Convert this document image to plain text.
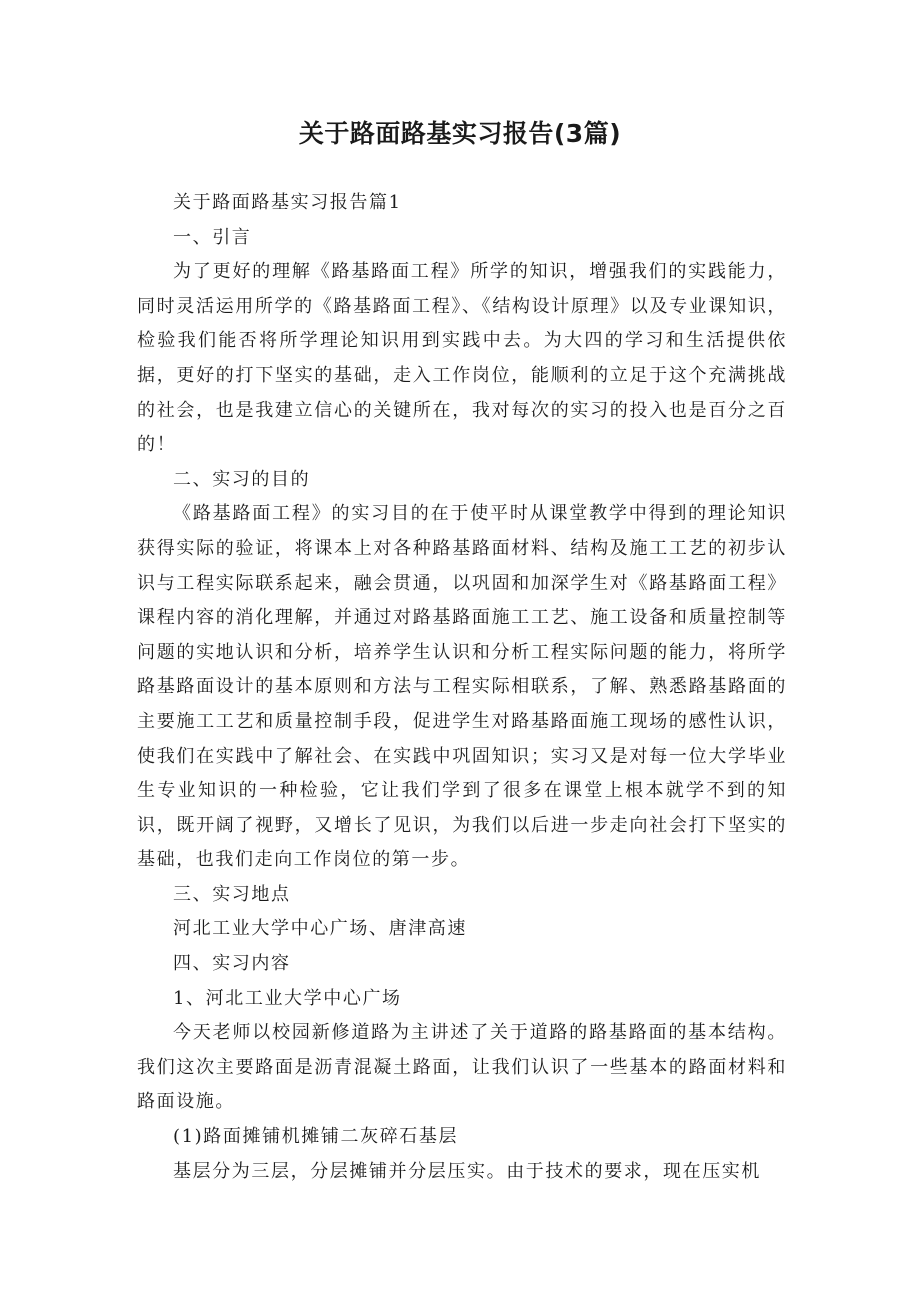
关于路面路基实习报告(3篇)

关于路面路基实习报告篇1

一、引言

为了更好的理解《路基路面工程》所学的知识，增强我们的实践能力，同时灵活运用所学的《路基路面工程》、《结构设计原理》以及专业课知识，检验我们能否将所学理论知识用到实践中去。为大四的学习和生活提供依据，更好的打下坚实的基础，走入工作岗位，能顺利的立足于这个充满挑战的社会，也是我建立信心的关键所在，我对每次的实习的投入也是百分之百的！

二、实习的目的

《路基路面工程》的实习目的在于使平时从课堂教学中得到的理论知识获得实际的验证，将课本上对各种路基路面材料、结构及施工工艺的初步认识与工程实际联系起来，融会贯通，以巩固和加深学生对《路基路面工程》课程内容的消化理解，并通过对路基路面施工工艺、施工设备和质量控制等问题的实地认识和分析，培养学生认识和分析工程实际问题的能力，将所学路基路面设计的基本原则和方法与工程实际相联系，了解、熟悉路基路面的主要施工工艺和质量控制手段，促进学生对路基路面施工现场的感性认识，使我们在实践中了解社会、在实践中巩固知识；实习又是对每一位大学毕业生专业知识的一种检验，它让我们学到了很多在课堂上根本就学不到的知识，既开阔了视野，又增长了见识，为我们以后进一步走向社会打下坚实的基础，也我们走向工作岗位的第一步。

三、实习地点

河北工业大学中心广场、唐津高速

四、实习内容

1、河北工业大学中心广场

今天老师以校园新修道路为主讲述了关于道路的路基路面的基本结构。我们这次主要路面是沥青混凝土路面，让我们认识了一些基本的路面材料和路面设施。

(1)路面摊铺机摊铺二灰碎石基层

基层分为三层，分层摊铺并分层压实。由于技术的要求，现在压实机
